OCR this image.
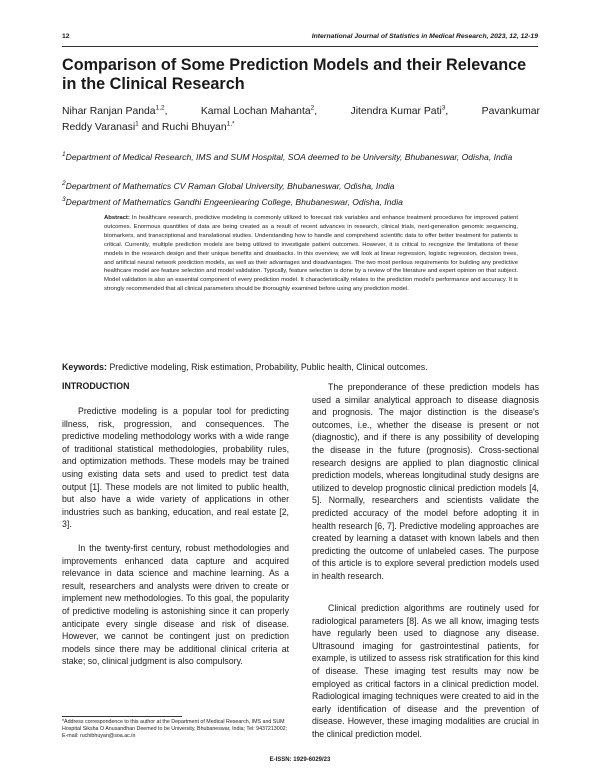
12	International Journal of Statistics in Medical Research, 2023, 12, 12-19
Comparison of Some Prediction Models and their Relevance in the Clinical Research
Nihar Ranjan Panda$^{1,2}$,	Kamal Lochan Mahanta$^2$,	Jitendra Kumar Pati$^3$,	Pavankumar
Reddy Varanasi$^1$ and Ruchi Bhuyan$^{1,*}$
$^1$Department of Medical Research, IMS and SUM Hospital, SOA deemed to be University, Bhubaneswar, Odisha, India
$^2$Department of Mathematics CV Raman Global University, Bhubaneswar, Odisha, India
$^3$Department of Mathematics Gandhi Engeeniearing College, Bhubaneswar, Odisha, India
Abstract: In healthcare research, predictive modeling is commonly utilized to forecast risk variables and enhance treatment procedures for improved patient outcomes. Enormous quantities of data are being created as a result of recent advances in research, clinical trials, next-generation genomic sequencing, biomarkers, and transcriptional and translational studies. Understanding how to handle and comprehend scientific data to offer better treatment for patients is critical. Currently, multiple prediction models are being utilized to investigate patient outcomes. However, it is critical to recognize the limitations of these models in the research design and their unique benefits and drawbacks. In this overview, we will look at linear regression, logistic regression, decision trees, and artificial neural network prediction models, as well as their advantages and disadvantages. The two most perilous requirements for building any predictive healthcare model are feature selection and model validation. Typically, feature selection is done by a review of the literature and expert opinion on that subject. Model validation is also an essential component of every prediction model. It characteristically relates to the prediction model's performance and accuracy. It is strongly recommended that all clinical parameters should be thoroughly examined before using any prediction model.
Keywords: Predictive modeling, Risk estimation, Probability, Public health, Clinical outcomes.
INTRODUCTION

Predictive modeling is a popular tool for predicting illness, risk, progression, and consequences. The predictive modeling methodology works with a wide range of traditional statistical methodologies, probability rules, and optimization methods. These models may be trained using existing data sets and used to predict test data output [1]. These models are not limited to public health, but also have a wide variety of applications in other industries such as banking, education, and real estate [2, 3].

In the twenty-first century, robust methodologies and improvements enhanced data capture and acquired relevance in data science and machine learning. As a result, researchers and analysts were driven to create or implement new methodologies. To this goal, the popularity of predictive modeling is astonishing since it can properly anticipate every single disease and risk of disease. However, we cannot be contingent just on prediction models since there may be additional clinical criteria at stake; so, clinical judgment is also compulsory.

The preponderance of these prediction models has used a similar analytical approach to disease diagnosis and prognosis. The major distinction is the disease's outcomes, i.e., whether the disease is present or not (diagnostic), and if there is any possibility of developing the disease in the future (prognosis). Cross-sectional research designs are applied to plan diagnostic clinical prediction models, whereas longitudinal study designs are utilized to develop prognostic clinical prediction models [4, 5]. Normally, researchers and scientists validate the predicted accuracy of the model before adopting it in health research [6, 7]. Predictive modeling approaches are created by learning a dataset with known labels and then predicting the outcome of unlabeled cases. The purpose of this article is to explore several prediction models used in health research.

Clinical prediction algorithms are routinely used for radiological parameters [8]. As we all know, imaging tests have regularly been used to diagnose any disease. Ultrasound imaging for gastrointestinal patients, for example, is utilized to assess risk stratification for this kind of disease. These imaging test results may now be employed as critical factors in a clinical prediction model. Radiological imaging techniques were created to aid in the early identification of disease and the prevention of disease. However, these imaging modalities are crucial in the clinical prediction model.

*Address correspondence to this author at the Department of Medical Research, IMS and SUM Hospital Siksha O Anusandhan Deemed to be University, Bhubaneswar, India; Tel: 9437213002; E-mail: ruchibhuyan@soa.ac.in
E-ISSN: 1929-6029/23
